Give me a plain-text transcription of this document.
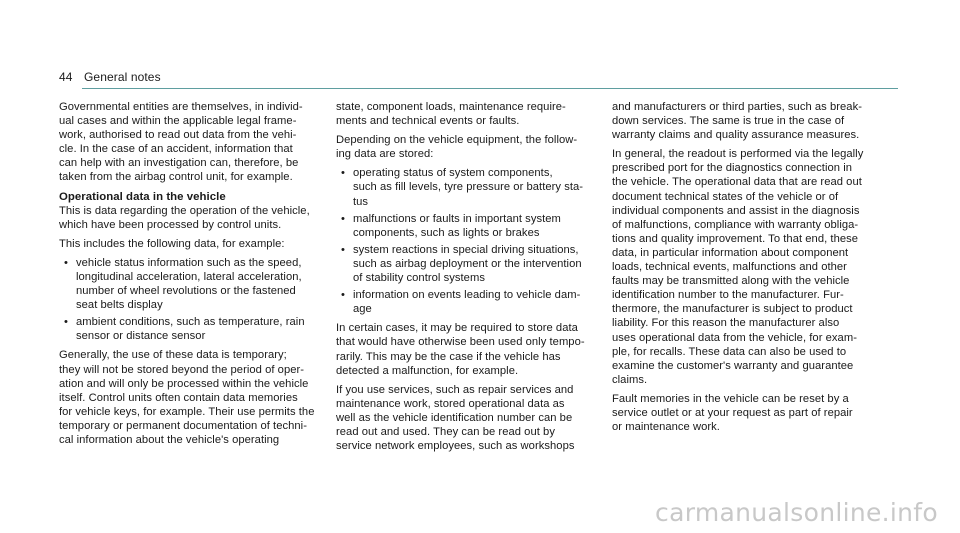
44 General notes

Governmental entities are themselves, in individ-
ual cases and within the applicable legal frame-
work, authorised to read out data from the vehi-
cle. In the case of an accident, information that
can help with an investigation can, therefore, be
taken from the airbag control unit, for example.

Operational data in the vehicle

This is data regarding the operation of the vehicle,
which have been processed by control units.

This includes the following data, for example:

• vehicle status information such as the speed,
longitudinal acceleration, lateral acceleration,
number of wheel revolutions or the fastened
seat belts display
• ambient conditions, such as temperature, rain
sensor or distance sensor

Generally, the use of these data is temporary;
they will not be stored beyond the period of oper-
ation and will only be processed within the vehicle
itself. Control units often contain data memories
for vehicle keys, for example. Their use permits the
temporary or permanent documentation of techni-
cal information about the vehicle's operating

state, component loads, maintenance require-
ments and technical events or faults.

Depending on the vehicle equipment, the follow-
ing data are stored:

• operating status of system components,
such as fill levels, tyre pressure or battery sta-
tus
• malfunctions or faults in important system
components, such as lights or brakes
• system reactions in special driving situations,
such as airbag deployment or the intervention
of stability control systems
• information on events leading to vehicle dam-
age

In certain cases, it may be required to store data
that would have otherwise been used only tempo-
rarily. This may be the case if the vehicle has
detected a malfunction, for example.

If you use services, such as repair services and
maintenance work, stored operational data as
well as the vehicle identification number can be
read out and used. They can be read out by
service network employees, such as workshops

and manufacturers or third parties, such as break-
down services. The same is true in the case of
warranty claims and quality assurance measures.

In general, the readout is performed via the legally
prescribed port for the diagnostics connection in
the vehicle. The operational data that are read out
document technical states of the vehicle or of
individual components and assist in the diagnosis
of malfunctions, compliance with warranty obliga-
tions and quality improvement. To that end, these
data, in particular information about component
loads, technical events, malfunctions and other
faults may be transmitted along with the vehicle
identification number to the manufacturer. Fur-
thermore, the manufacturer is subject to product
liability. For this reason the manufacturer also
uses operational data from the vehicle, for exam-
ple, for recalls. These data can also be used to
examine the customer's warranty and guarantee
claims.

Fault memories in the vehicle can be reset by a
service outlet or at your request as part of repair
or maintenance work.

carmanualsonline.info
